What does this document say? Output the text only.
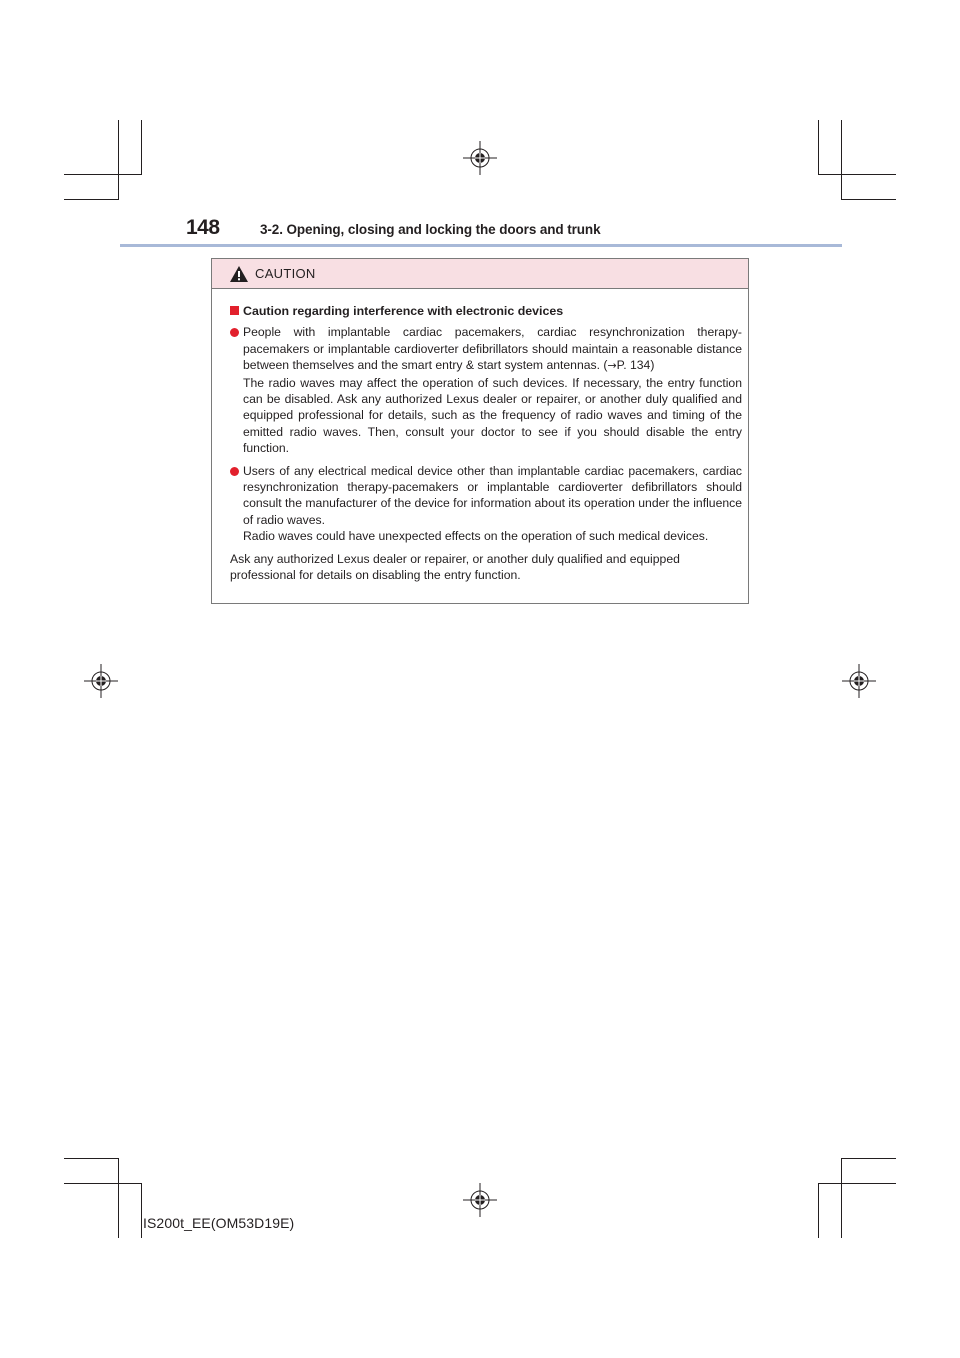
148	3-2. Opening, closing and locking the doors and trunk
CAUTION
Caution regarding interference with electronic devices

People with implantable cardiac pacemakers, cardiac resynchronization therapy-pacemakers or implantable cardioverter defibrillators should maintain a reasonable distance between themselves and the smart entry & start system antennas. (→P. 134)

The radio waves may affect the operation of such devices. If necessary, the entry function can be disabled. Ask any authorized Lexus dealer or repairer, or another duly qualified and equipped professional for details, such as the frequency of radio waves and timing of the emitted radio waves. Then, consult your doctor to see if you should disable the entry function.

Users of any electrical medical device other than implantable cardiac pacemakers, cardiac resynchronization therapy-pacemakers or implantable cardioverter defibrillators should consult the manufacturer of the device for information about its operation under the influence of radio waves.

Radio waves could have unexpected effects on the operation of such medical devices.

Ask any authorized Lexus dealer or repairer, or another duly qualified and equipped professional for details on disabling the entry function.

IS200t_EE(OM53D19E)
